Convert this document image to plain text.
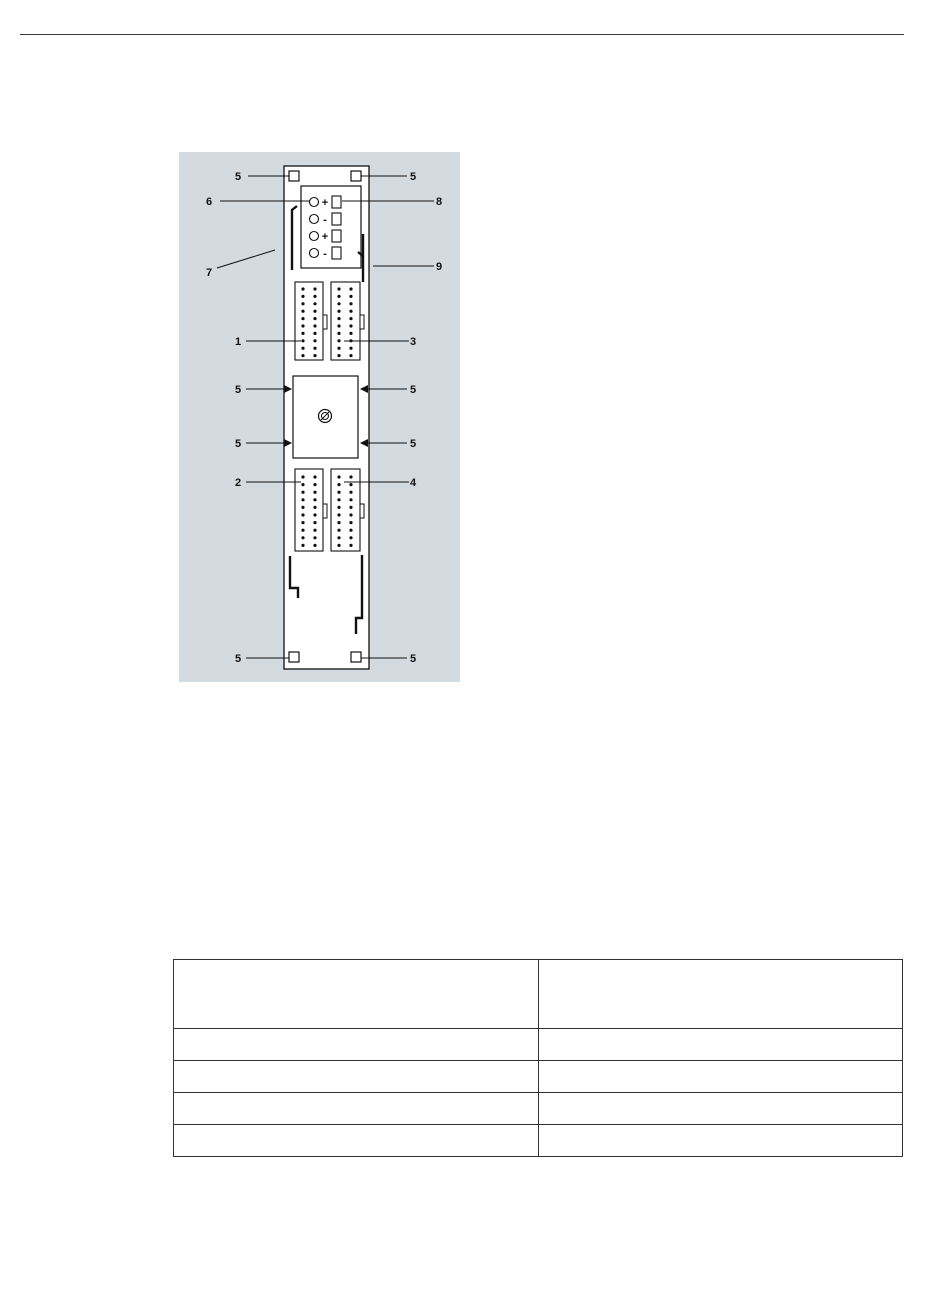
+
-
+
-
5	5
6	8
7	9
1	3
5	5
5	5
2	4
5	5
